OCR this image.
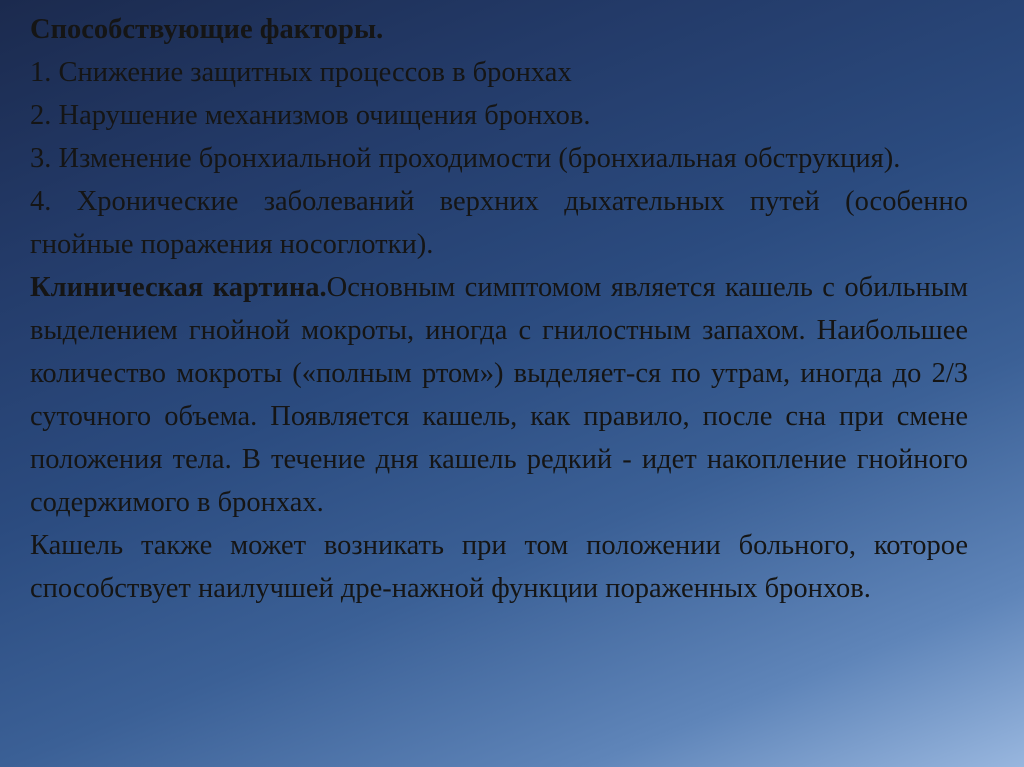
Способствующие факторы.

1. Снижение защитных процессов в бронхах

2. Нарушение механизмов очищения бронхов.

3. Изменение бронхиальной проходимости (бронхиальная обструкция).

4. Хронические заболеваний верхних дыхательных путей (особенно гнойные поражения носоглотки).

Клиническая картина.Основным симптомом является кашель с обильным выделением гнойной мокроты, иногда с гнилостным запахом. Наибольшее количество мокроты («полным ртом») выделяет-ся по утрам, иногда до 2/3 суточного объема. Появляется кашель, как правило, после сна при смене положения тела. В течение дня кашель редкий - идет накопление гнойного содержимого в бронхах.

Кашель также может возникать при том положении больного, которое способствует наилучшей дре-нажной функции пораженных бронхов.
